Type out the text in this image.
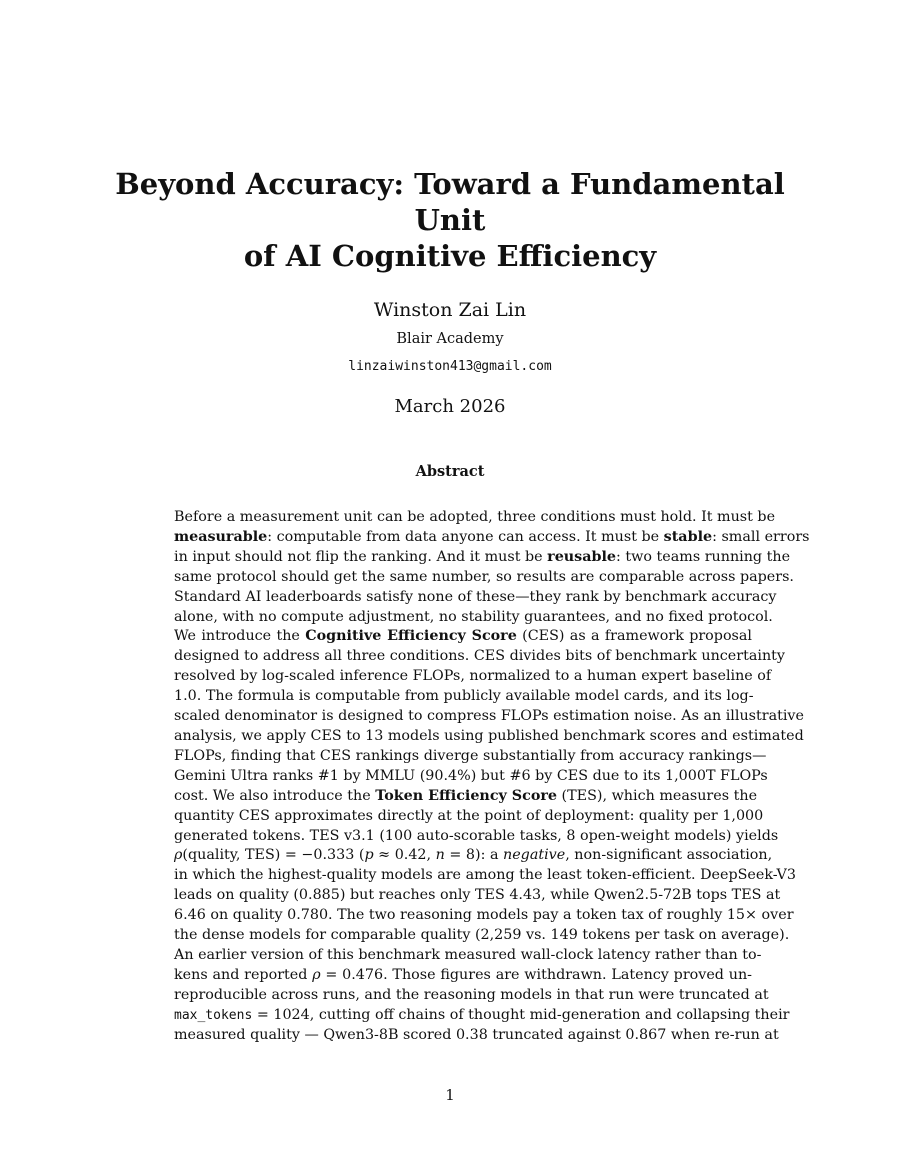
Beyond Accuracy: Toward a Fundamental
Unit
of AI Cognitive Efficiency
Winston Zai Lin
Blair Academy
linzaiwinston413@gmail.com
March 2026
Abstract

Before a measurement unit can be adopted, three conditions must hold. It must be
measurable: computable from data anyone can access. It must be stable: small errors
in input should not flip the ranking. And it must be reusable: two teams running the
same protocol should get the same number, so results are comparable across papers.
Standard AI leaderboards satisfy none of these—they rank by benchmark accuracy
alone, with no compute adjustment, no stability guarantees, and no fixed protocol.

We introduce the Cognitive Efficiency Score (CES) as a framework proposal
designed to address all three conditions. CES divides bits of benchmark uncertainty
resolved by log-scaled inference FLOPs, normalized to a human expert baseline of
1.0. The formula is computable from publicly available model cards, and its log-
scaled denominator is designed to compress FLOPs estimation noise. As an illustrative
analysis, we apply CES to 13 models using published benchmark scores and estimated
FLOPs, finding that CES rankings diverge substantially from accuracy rankings—
Gemini Ultra ranks #1 by MMLU (90.4%) but #6 by CES due to its 1,000T FLOPs
cost. We also introduce the Token Efficiency Score (TES), which measures the
quantity CES approximates directly at the point of deployment: quality per 1,000
generated tokens. TES v3.1 (100 auto-scorable tasks, 8 open-weight models) yields
ρ(quality, TES) = −0.333 (p ≈ 0.42, n = 8): a negative, non-significant association,
in which the highest-quality models are among the least token-efficient. DeepSeek-V3
leads on quality (0.885) but reaches only TES 4.43, while Qwen2.5-72B tops TES at
6.46 on quality 0.780. The two reasoning models pay a token tax of roughly 15× over
the dense models for comparable quality (2,259 vs. 149 tokens per task on average).

An earlier version of this benchmark measured wall-clock latency rather than to-
kens and reported ρ = 0.476. Those figures are withdrawn. Latency proved un-
reproducible across runs, and the reasoning models in that run were truncated at
max_tokens = 1024, cutting off chains of thought mid-generation and collapsing their
measured quality — Qwen3-8B scored 0.38 truncated against 0.867 when re-run at

1
